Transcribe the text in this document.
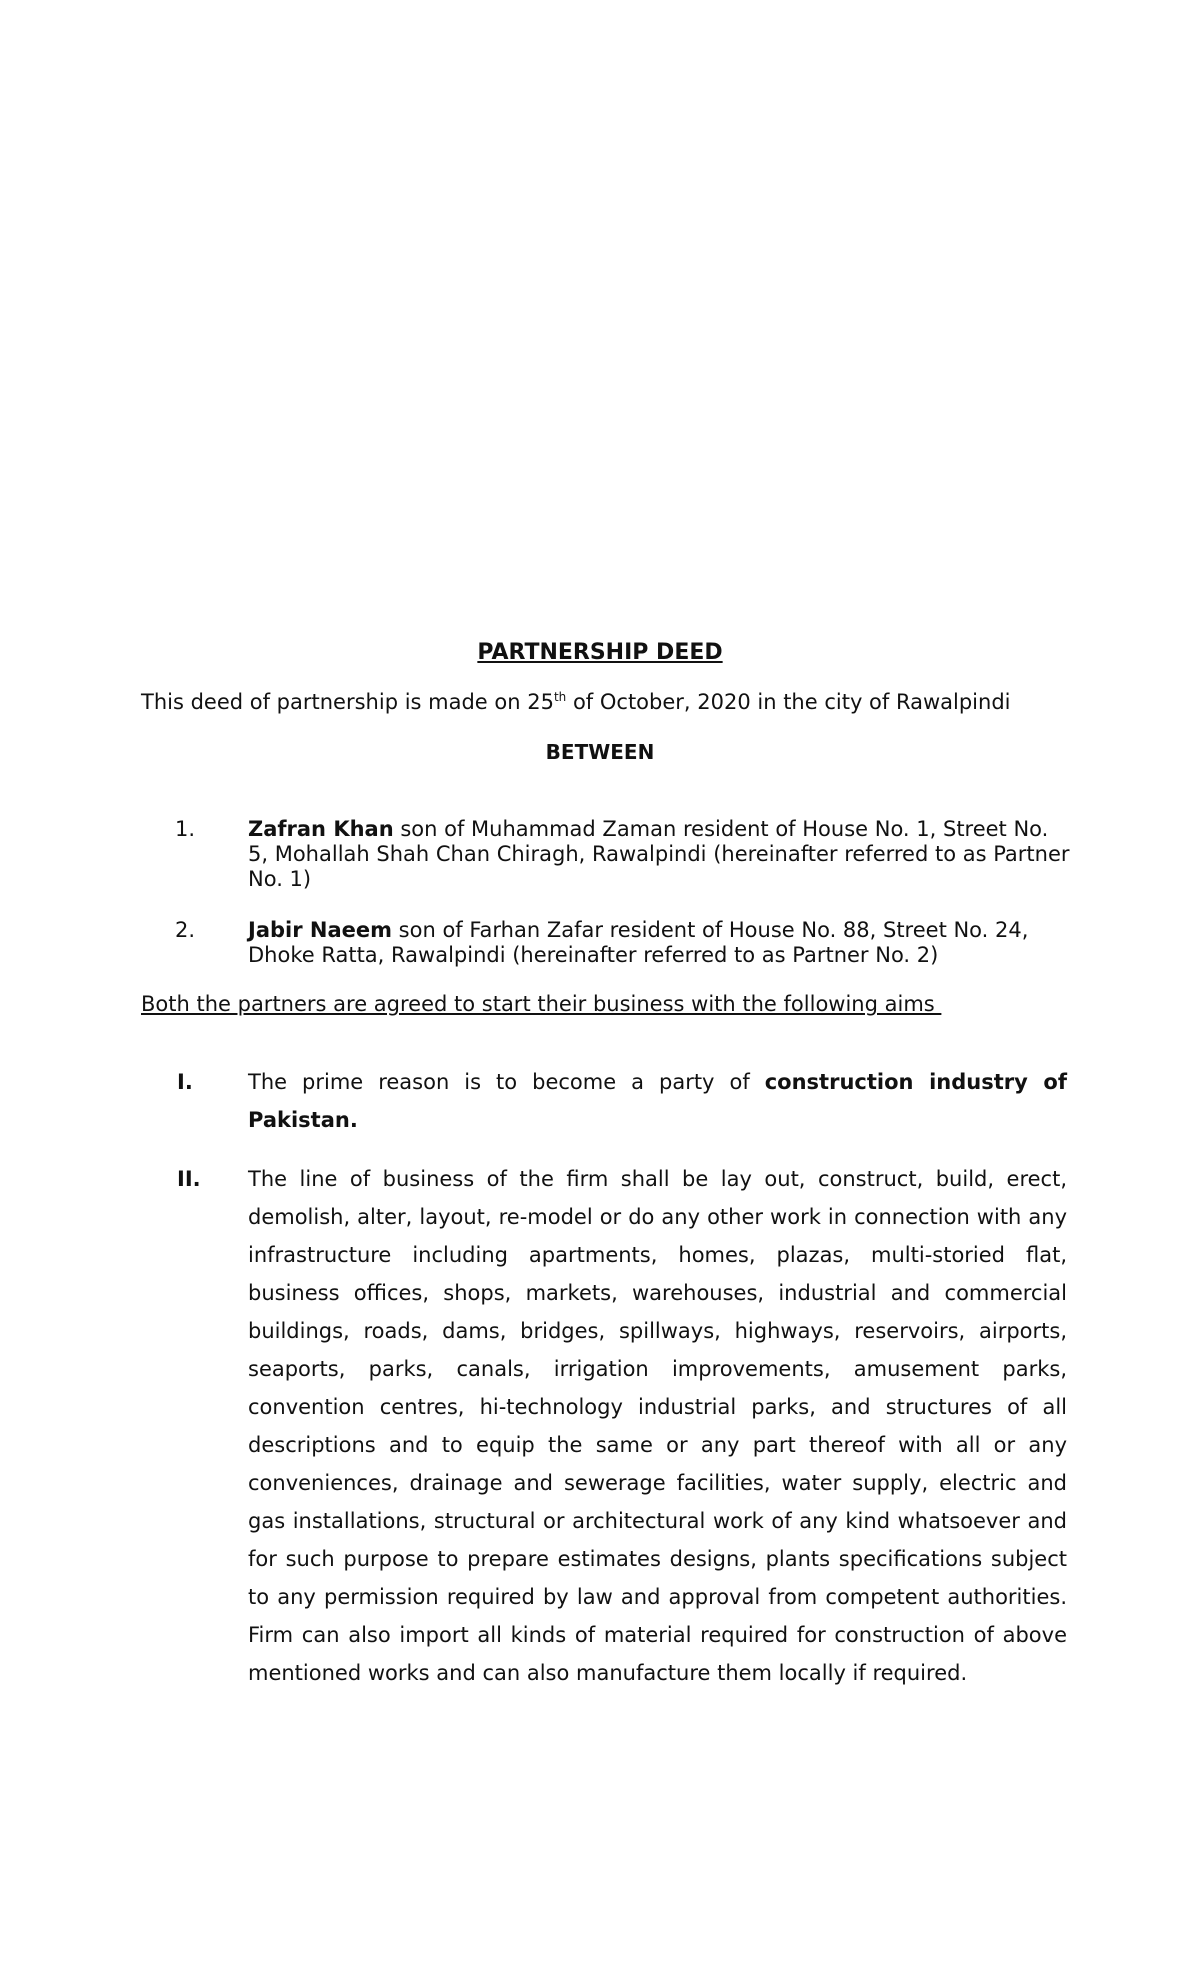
PARTNERSHIP DEED

This deed of partnership is made on 25th of October, 2020 in the city of Rawalpindi

BETWEEN

1.	Zafran Khan son of Muhammad Zaman resident of House No. 1, Street No. 5, Mohallah Shah Chan Chiragh, Rawalpindi (hereinafter referred to as Partner No. 1)
2.	Jabir Naeem son of Farhan Zafar resident of House No. 88, Street No. 24, Dhoke Ratta, Rawalpindi (hereinafter referred to as Partner No. 2)

Both the partners are agreed to start their business with the following aims

I.	The prime reason is to become a party of construction industry of Pakistan.
II. The line of business of the firm shall be lay out, construct, build, erect, demolish, alter, layout, re-model or do any other work in connection with any infrastructure including apartments, homes, plazas, multi-storied flat, business offices, shops, markets, warehouses, industrial and commercial buildings, roads, dams, bridges, spillways, highways, reservoirs, airports, seaports, parks, canals, irrigation improvements, amusement parks, convention centres, hi-technology industrial parks, and structures of all descriptions and to equip the same or any part thereof with all or any conveniences, drainage and sewerage facilities, water supply, electric and gas installations, structural or architectural work of any kind whatsoever and for such purpose to prepare estimates designs, plants specifications subject to any permission required by law and approval from competent authorities. Firm can also import all kinds of material required for construction of above mentioned works and can also manufacture them locally if required.
